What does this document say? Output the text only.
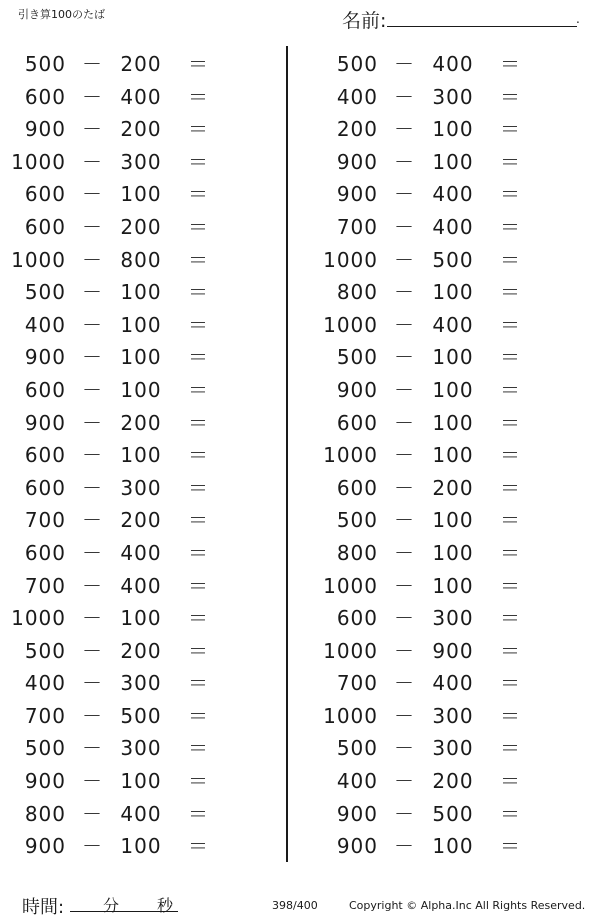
引き算100のたば	名前:	.
500 － 200	＝
600 － 400	＝
900 － 200	＝
1000 － 300	＝
600 － 100	＝
600 － 200	＝
1000 － 800	＝
500 － 100	＝
400 － 100	＝
900 － 100	＝
600 － 100	＝
900 － 200	＝
600 － 100	＝
600 － 300	＝
700 － 200	＝
600 － 400	＝
700 － 400	＝
1000 － 100	＝
500 － 200	＝
400 － 300	＝
700 － 500	＝
500 － 300	＝
900 － 100	＝
800 － 400	＝
900 － 100	＝
500 － 400	＝
400 － 300	＝
200 － 100	＝
900 － 100	＝
900 － 400	＝
700 － 400	＝
1000 － 500	＝
800 － 100	＝
1000 － 400	＝
500 － 100	＝
900 － 100	＝
600 － 100	＝
1000 － 100	＝
600 － 200	＝
500 － 100	＝
800 － 100	＝
1000 － 100	＝
600 － 300	＝
1000 － 900	＝
700 － 400	＝
1000 － 300	＝
500 － 300	＝
400 － 200	＝
900 － 500	＝
900 － 100	＝
時間: 分 秒	398/400	Copyright © Alpha.Inc All Rights Reserved.
